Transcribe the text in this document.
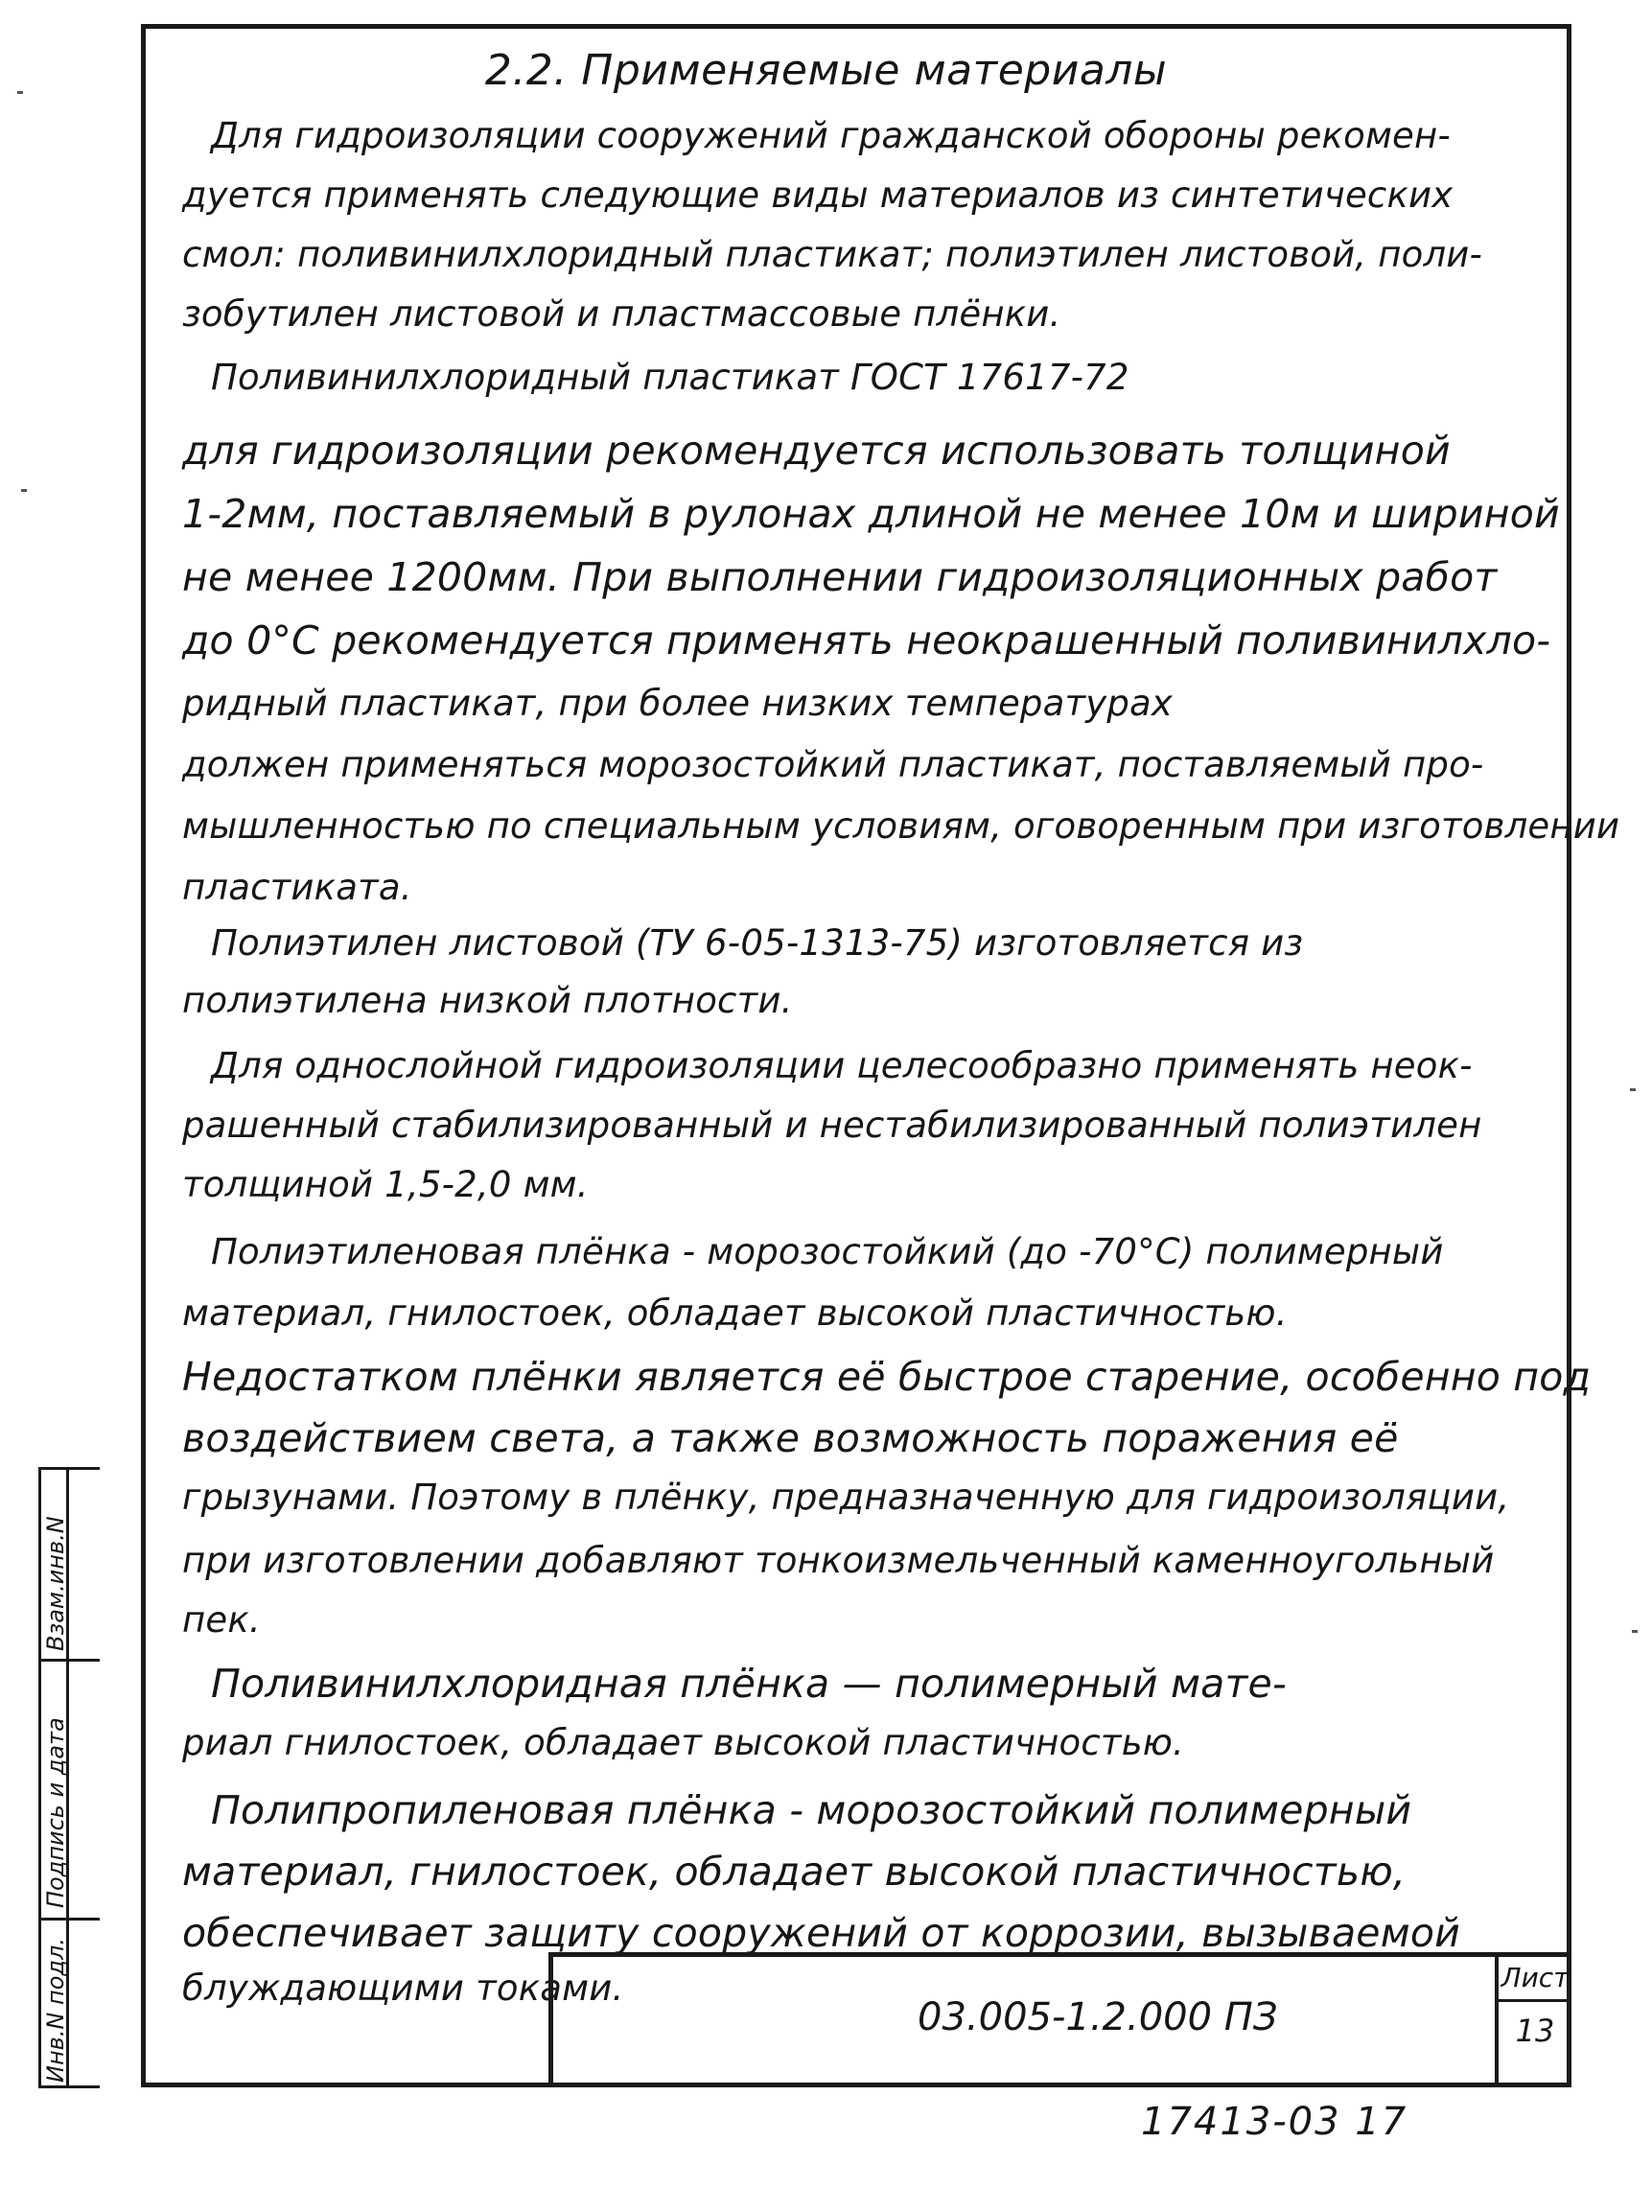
2.2. Применяемые материалы
Для гидроизоляции сооружений гражданской обороны рекомен-
дуется применять следующие виды материалов из синтетических
смол: поливинилхлоридный пластикат; полиэтилен листовой, поли-
зобутилен листовой и пластмассовые плёнки.
Поливинилхлоридный пластикат ГОСТ 17617-72
для гидроизоляции рекомендуется использовать толщиной
1-2мм, поставляемый в рулонах длиной не менее 10м и шириной
не менее 1200мм. При выполнении гидроизоляционных работ
до 0°С рекомендуется применять неокрашенный поливинилхло-
ридный пластикат, при более низких температурах
должен применяться морозостойкий пластикат, поставляемый про-
мышленностью по специальным условиям, оговоренным при изготовлении
пластиката.
Полиэтилен листовой (ТУ 6-05-1313-75) изготовляется из
полиэтилена низкой плотности.
Для однослойной гидроизоляции целесообразно применять неок-
рашенный стабилизированный и нестабилизированный полиэтилен
толщиной 1,5-2,0 мм.
Полиэтиленовая плёнка - морозостойкий (до -70°С) полимерный
материал, гнилостоек, обладает высокой пластичностью.
Недостатком плёнки является её быстрое старение, особенно под
воздействием света, а также возможность поражения её
грызунами. Поэтому в плёнку, предназначенную для гидроизоляции,
при изготовлении добавляют тонкоизмельченный каменноугольный
пек.
Поливинилхлоридная плёнка — полимерный мате-
риал гнилостоек, обладает высокой пластичностью.
Полипропиленовая плёнка - морозостойкий полимерный
материал, гнилостоек, обладает высокой пластичностью,
обеспечивает защиту сооружений от коррозии, вызываемой
блуждающими токами.
Инв.N подл.
Подпись и дата
Взам.инв.N
03.005-1.2.000 ПЗ
Лист
13
17413-03 17
